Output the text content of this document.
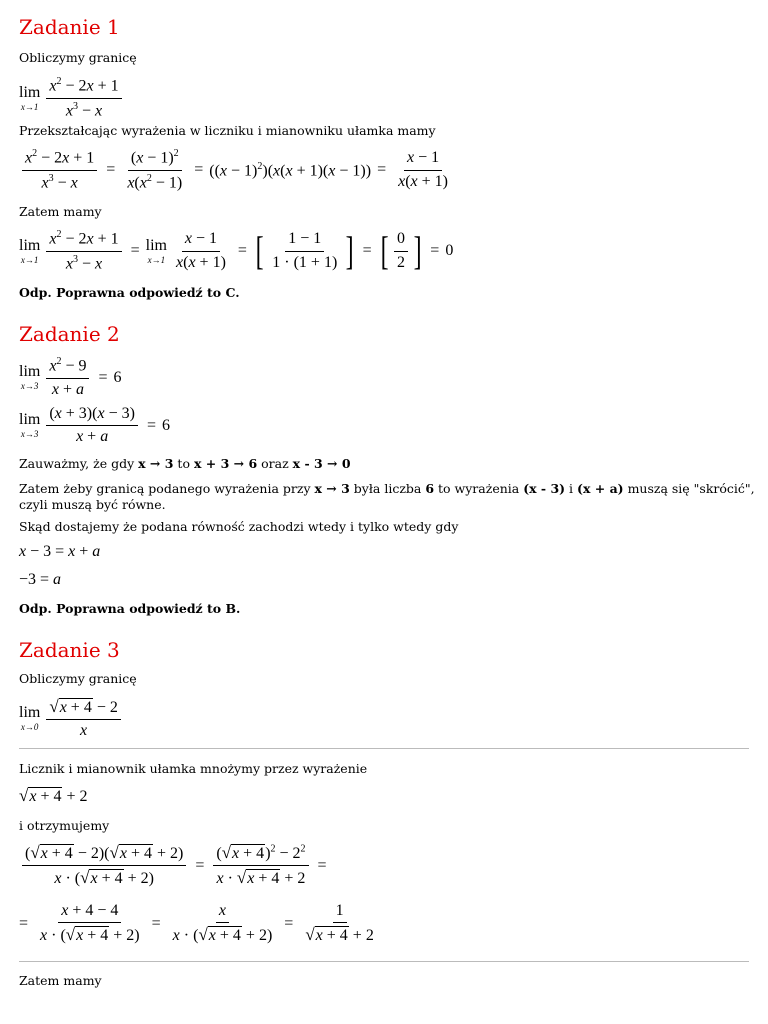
Zadanie 1
Obliczymy granicę
lim
$x\to 1 \frac{x^2 - 2x + 1}{x^3 - x}$
Przekształcając wyrażenia w liczniku i mianowniku ułamka mamy
$\frac{x^2 - 2x + 1}{x^3 - x} = \frac{(x - 1)^2}{x(x^2 - 1)} = ((x - 1)^2)(x(x + 1)(x - 1)) = \frac{x - 1}{x(x + 1)}$
Zatem mamy
lim
$x\to 1 \frac{x^2 - 2x + 1}{x^3 - x} = \lim$
$x\to 1 \frac{x - 1}{x(x + 1)}$ = [ $\frac{1 - 1}{1 \cdot (1 + 1)}$ ] = [ $\frac{0}{2}$ ] = 0
Odp. Poprawna odpowiedź to C.
Zadanie 2
lim
$x\to 3 \frac{x^2 - 9}{x + a} = 6$
lim
$x\to 3 \frac{(x + 3)(x - 3)}{x + a} = 6$
Zauważmy, że gdy x → 3 to x + 3 → 6 oraz x - 3 → 0
Zatem żeby granicą podanego wyrażenia przy x → 3 była liczba 6 to wyrażenia (x - 3) i (x + a) muszą się "skrócić",
czyli muszą być równe.
Skąd dostajemy że podana równość zachodzi wtedy i tylko wtedy gdy
x − 3 = x + a
−3 = a
Odp. Poprawna odpowiedź to B.
Zadanie 3
Obliczymy granicę
lim
$x\to 0 \frac{√x + 4 - 2}{x}$
Licznik i mianownik ułamka mnożymy przez wyrażenie
√x + 4 + 2
i otrzymujemy
$\frac{(√x + 4 - 2)(√x + 4 + 2)}{x \cdot (√x + 4 + 2)} = \frac{(√x + 4)^2 - 2^2}{x \cdot √x + 4 + 2}$ =
= $\frac{x + 4 - 4}{x \cdot (√x + 4 + 2)} = \frac{x}{x \cdot (√x + 4 + 2)} = \frac{1}{√x + 4 + 2}$
Zatem mamy
